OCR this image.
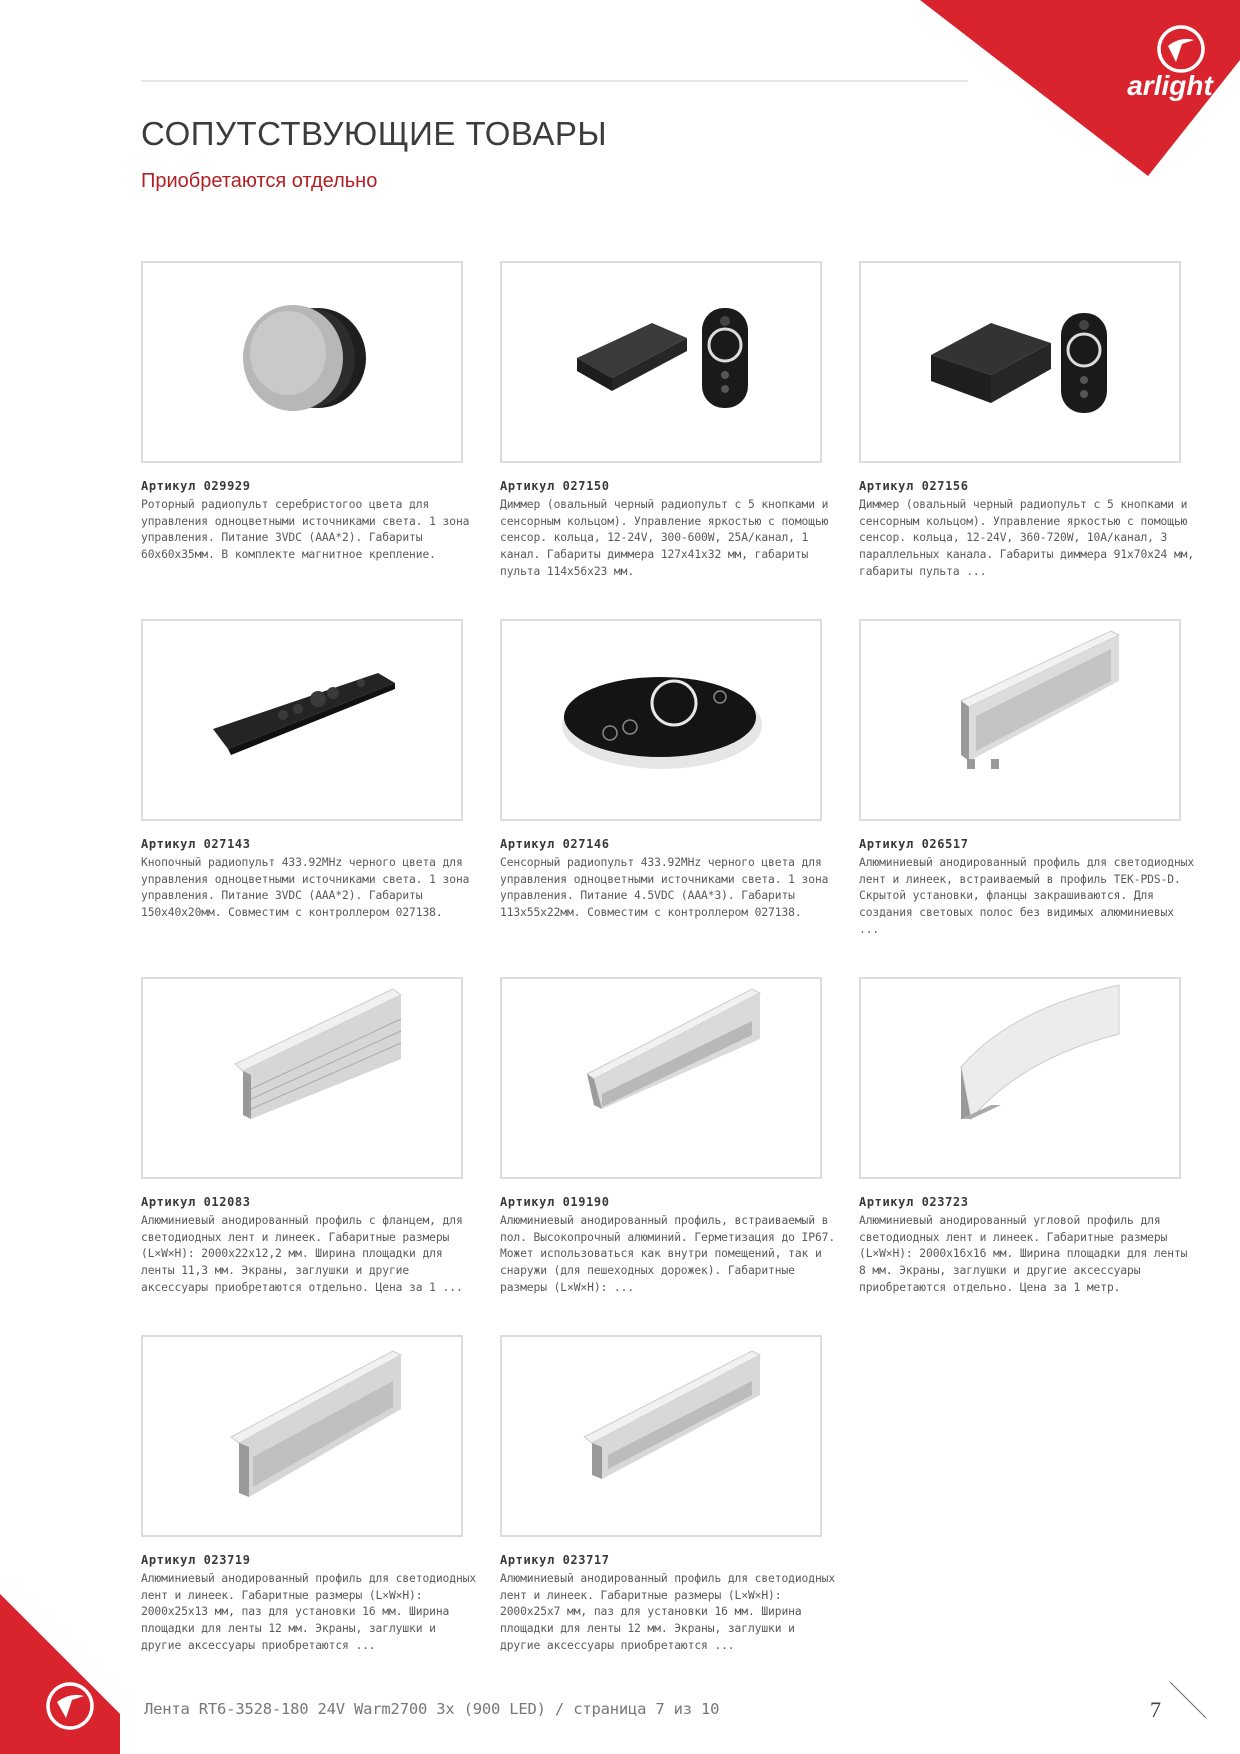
arlight
СОПУТСТВУЮЩИЕ ТОВАРЫ
Приобретаются отдельно
Артикул 029929
Роторный радиопульт серебристогоо цвета для управления одноцветными источниками света. 1 зона управления. Питание 3VDC (AAA*2). Габариты 60x60x35мм. В комплекте магнитное крепление.
Артикул 027150
Диммер (овальный черный радиопульт с 5 кнопками и сенсорным кольцом). Управление яркостью с помощью сенсор. кольца, 12-24V, 300-600W, 25A/канал, 1 канал. Габариты диммера 127x41x32 мм, габариты пульта 114x56x23 мм.
Артикул 027156
Диммер (овальный черный радиопульт с 5 кнопками и сенсорным кольцом). Управление яркостью с помощью сенсор. кольца, 12-24V, 360-720W, 10A/канал, 3 параллельных канала. Габариты диммера 91x70x24 мм, габариты пульта ...
Артикул 027143
Кнопочный радиопульт 433.92MHz черного цвета для управления одноцветными источниками света. 1 зона управления. Питание 3VDC (AAA*2). Габариты 150x40x20мм. Совместим с контроллером 027138.
Артикул 027146
Сенсорный радиопульт 433.92MHz черного цвета для управления одноцветными источниками света. 1 зона управления. Питание 4.5VDC (AAA*3). Габариты 113x55x22мм. Совместим с контроллером 027138.
Артикул 026517
Алюминиевый анодированный профиль для светодиодных лент и линеек, встраиваемый в профиль TEK-PDS-D. Скрытой установки, фланцы закрашиваются. Для создания световых полос без видимых алюминиевых ...
Артикул 012083
Алюминиевый анодированный профиль с фланцем, для светодиодных лент и линеек. Габаритные размеры (L×W×H): 2000x22x12,2 мм. Ширина площадки для ленты 11,3 мм. Экраны, заглушки и другие аксессуары приобретаются отдельно. Цена за 1 ...
Артикул 019190
Алюминиевый анодированный профиль, встраиваемый в пол. Высокопрочный алюминий. Герметизация до IP67. Может использоваться как внутри помещений, так и снаружи (для пешеходных дорожек). Габаритные размеры (L×W×H): ...
Артикул 023723
Алюминиевый анодированный угловой профиль для светодиодных лент и линеек. Габаритные размеры (L×W×H): 2000x16x16 мм. Ширина площадки для ленты 8 мм. Экраны, заглушки и другие аксессуары приобретаются отдельно. Цена за 1 метр.
Артикул 023719
Алюминиевый анодированный профиль для светодиодных лент и линеек. Габаритные размеры (L×W×H): 2000x25x13 мм, паз для установки 16 мм. Ширина площадки для ленты 12 мм. Экраны, заглушки и другие аксессуары приобретаются ...
Артикул 023717
Алюминиевый анодированный профиль для светодиодных лент и линеек. Габаритные размеры (L×W×H): 2000x25x7 мм, паз для установки 16 мм. Ширина площадки для ленты 12 мм. Экраны, заглушки и другие аксессуары приобретаются ...
Лента RT6-3528-180 24V Warm2700 3x (900 LED) / страница 7 из 10	7
